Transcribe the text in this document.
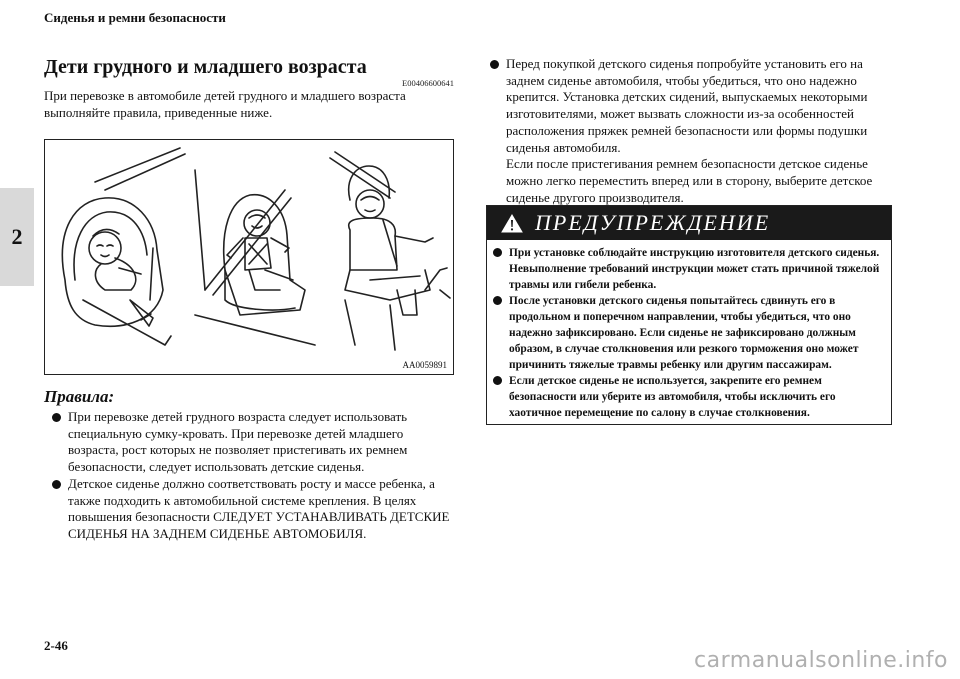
Сиденья и ремни безопасности
2
Дети грудного и младшего возраста
E00406600641
При перевозке в автомобиле детей грудного и младшего возраста выполняйте правила, приведенные ниже.
AA0059891
Правила:
При перевозке детей грудного возраста следует использовать специальную сумку-кровать. При перевозке детей младшего возраста, рост которых не позволяет пристегивать их ремнем безопасности, следует использовать детские сиденья.
Детское сиденье должно соответствовать росту и массе ребенка, а также подходить к автомобильной системе крепления. В целях повышения безопасности СЛЕДУЕТ УСТАНАВЛИВАТЬ ДЕТСКИЕ СИДЕНЬЯ НА ЗАДНЕМ СИДЕНЬЕ АВТОМОБИЛЯ.
Перед покупкой детского сиденья попробуйте установить его на заднем сиденье автомобиля, чтобы убедиться, что оно надежно крепится. Установка детских сидений, выпускаемых некоторыми изготовителями, может вызвать сложности из-за особенностей расположения пряжек ремней безопасности или формы подушки сиденья автомобиля.
Если после пристегивания ремнем безопасности детское сиденье можно легко переместить вперед или в сторону, выберите детское сиденье другого производителя.
ПРЕДУПРЕЖДЕНИЕ
При установке соблюдайте инструкцию изготовителя детского сиденья. Невыполнение требований инструкции может стать причиной тяжелой травмы или гибели ребенка.
После установки детского сиденья попытайтесь сдвинуть его в продольном и поперечном направлении, чтобы убедиться, что оно надежно зафиксировано. Если сиденье не зафиксировано должным образом, в случае столкновения или резкого торможения оно может причинить тяжелые травмы ребенку или другим пассажирам.
Если детское сиденье не используется, закрепите его ремнем безопасности или уберите из автомобиля, чтобы исключить его хаотичное перемещение по салону в случае столкновения.
2-46
carmanualsonline.info
